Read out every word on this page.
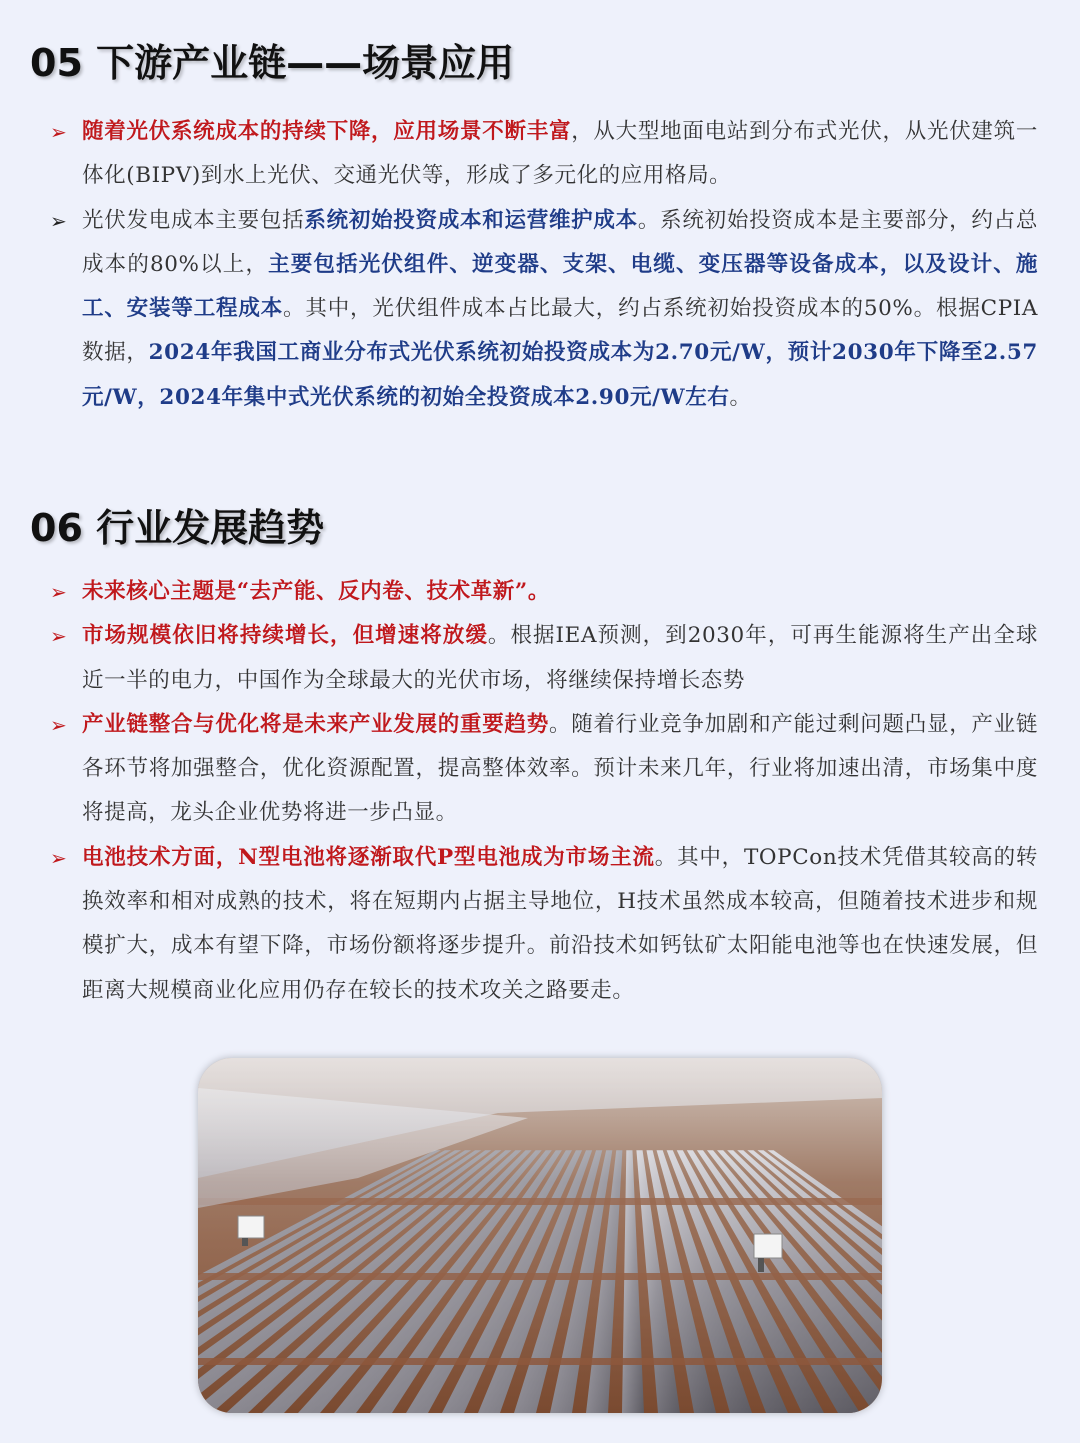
05 下游产业链——场景应用
➢ 随着光伏系统成本的持续下降，应用场景不断丰富，从大型地面电站到分布式光伏，从光伏建筑一体化(BIPV)到水上光伏、交通光伏等，形成了多元化的应用格局。
➢ 光伏发电成本主要包括系统初始投资成本和运营维护成本。系统初始投资成本是主要部分，约占总成本的80%以上，主要包括光伏组件、逆变器、支架、电缆、变压器等设备成本，以及设计、施工、安装等工程成本。其中，光伏组件成本占比最大，约占系统初始投资成本的50%。根据CPIA数据，2024年我国工商业分布式光伏系统初始投资成本为2.70元/W，预计2030年下降至2.57元/W，2024年集中式光伏系统的初始全投资成本2.90元/W左右。
06 行业发展趋势
➢ 未来核心主题是“去产能、反内卷、技术革新”。
➢ 市场规模依旧将持续增长，但增速将放缓。根据IEA预测，到2030年，可再生能源将生产出全球近一半的电力，中国作为全球最大的光伏市场，将继续保持增长态势
➢ 产业链整合与优化将是未来产业发展的重要趋势。随着行业竞争加剧和产能过剩问题凸显，产业链各环节将加强整合，优化资源配置，提高整体效率。预计未来几年，行业将加速出清，市场集中度将提高，龙头企业优势将进一步凸显。
➢ 电池技术方面，N型电池将逐渐取代P型电池成为市场主流。其中，TOPCon技术凭借其较高的转换效率和相对成熟的技术，将在短期内占据主导地位，H技术虽然成本较高，但随着技术进步和规模扩大，成本有望下降，市场份额将逐步提升。前沿技术如钙钛矿太阳能电池等也在快速发展，但距离大规模商业化应用仍存在较长的技术攻关之路要走。
